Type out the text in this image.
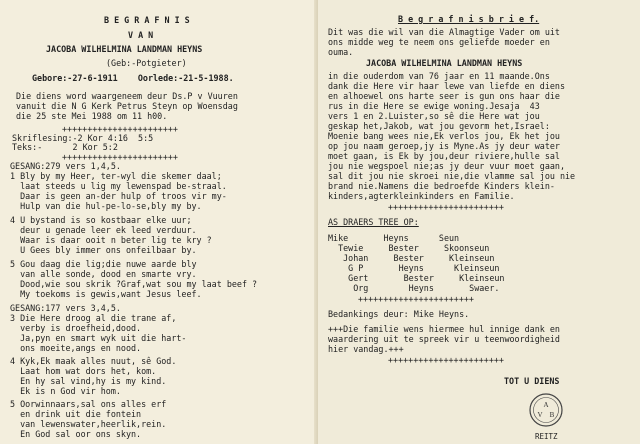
B E G R A F N I S
V A N
JACOBA WILHELMINA LANDMAN HEYNS
(Geb:-Potgieter)
Gebore:-27-6-1911    Oorlede:-21-5-1988.
Die diens word waargeneem deur Ds.P v Vuuren
vanuit die N G Kerk Petrus Steyn op Woensdag
die 25 ste Mei 1988 om 11 h00.
+++++++++++++++++++++++
Skriflesing:-2 Kor 4:16  5:5
Teks:-      2 Kor 5:2
+++++++++++++++++++++++
GESANG:279 vers 1,4,5.
1 Bly by my Heer, ter-wyl die skemer daal;
laat steeds u lig my lewenspad be-straal.
Daar is geen an-der hulp of troos vir my-
Hulp van die hul-pe-lo-se,bly my by.
4 U bystand is so kostbaar elke uur;
deur u genade leer ek leed verduur.
Waar is daar ooit n beter lig te kry ?
U Gees bly immer ons onfeilbaar by.
5 Gou daag die lig;die nuwe aarde bly
van alle sonde, dood en smarte vry.
Dood,wie sou skrik ?Graf,wat sou my laat beef ?
My toekoms is gewis,want Jesus leef.
GESANG:177 vers 3,4,5.
3 Die Here droog al die trane af,
verby is droefheid,dood.
Ja,pyn en smart wyk uit die hart-
ons moeite,angs en nood.
4 Kyk,Ek maak alles nuut, sê God.
Laat hom wat dors het, kom.
En hy sal vind,hy is my kind.
Ek is n God vir hom.
5 Oorwinnaars,sal ons alles erf
en drink uit die fontein
van lewenswater,heerlik,rein.
En God sal oor ons skyn.
B e g r a f n i s b r i e f.
Dit was die wil van die Almagtige Vader om uit
ons midde weg te neem ons geliefde moeder en
ouma.
JACOBA WILHELMINA LANDMAN HEYNS
in die ouderdom van 76 jaar en 11 maande.Ons
dank die Here vir haar lewe van liefde en diens
en alhoewel ons harte seer is gun ons haar die
rus in die Here se ewige woning.Jesaja  43
vers 1 en 2.Luister,so sê die Here wat jou
geskap het,Jakob, wat jou gevorm het,Israel:
Moenie bang wees nie,Ek verlos jou, Ek het jou
op jou naam geroep,jy is Myne.As jy deur water
moet gaan, is Ek by jou,deur riviere,hulle sal
jou nie wegspoel nie;as jy deur vuur moet gaan,
sal dit jou nie skroei nie,die vlamme sal jou nie
brand nie.Namens die bedroefde Kinders klein-
kinders,agterkleinkinders en Familie.
+++++++++++++++++++++++
AS DRAERS TREE OP:
Mike       Heyns      Seun
Tewie     Bester     Skoonseun
Johan     Bester     Kleinseun
G P       Heyns      Kleinseun
Gert       Bester     Kleinseun
Org        Heyns       Swaer.
+++++++++++++++++++++++
Bedankings deur: Mike Heyns.
+++Die familie wens hiermee hul innige dank en
waardering uit te spreek vir u teenwoordigheid
hier vandag.+++
+++++++++++++++++++++++
TOT U DIENS
A
V B
REITZ
